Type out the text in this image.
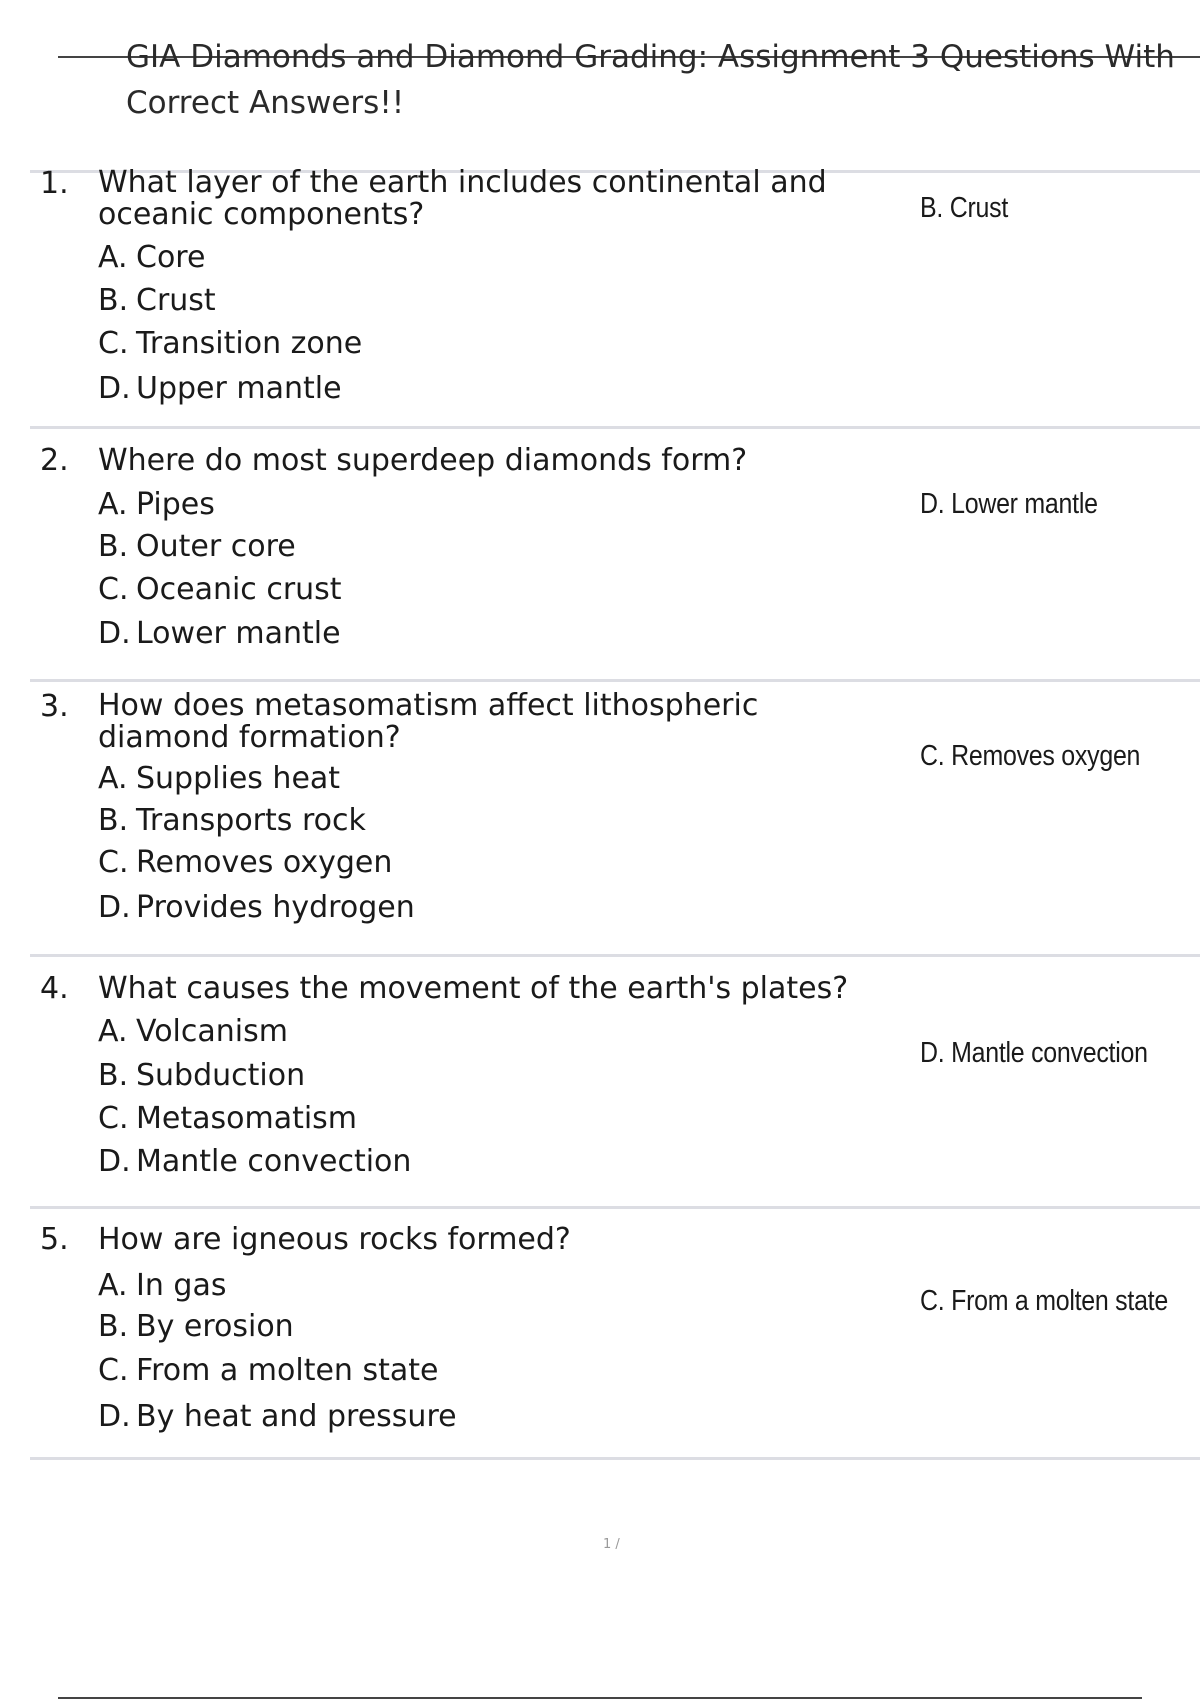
GIA Diamonds and Diamond Grading: Assignment 3 Questions With Correct Answers!!
1. What layer of the earth includes continental and oceanic components?
A. Core
B. Crust
C. Transition zone
D. Upper mantle
B. Crust
2. Where do most superdeep diamonds form?
A. Pipes
B. Outer core
C. Oceanic crust
D. Lower mantle
D. Lower mantle
3. How does metasomatism affect lithospheric diamond formation?
A. Supplies heat
B. Transports rock
C. Removes oxygen
D. Provides hydrogen
C. Removes oxygen
4. What causes the movement of the earth's plates?
A. Volcanism
B. Subduction
C. Metasomatism
D. Mantle convection
D. Mantle convection
5. How are igneous rocks formed?
A. In gas
B. By erosion
C. From a molten state
D. By heat and pressure
C. From a molten state
1 /
